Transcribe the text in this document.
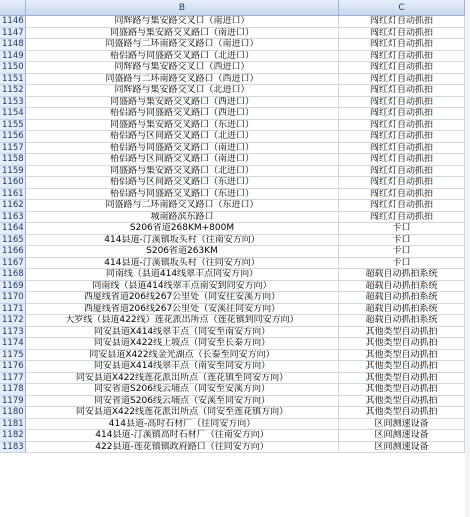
B	C
1146	同辉路与集安路交叉口（南进口）	闯红灯自动抓拍
1147	同盛路与集安路交叉路口（南进口）	闯红灯自动抓拍
1148	同盛路与二环南路交叉路口（南进口）	闯红灯自动抓拍
1149	梧侣路与同盛路交叉路口（北进口）	闯红灯自动抓拍
1150	同辉路与集安路交叉口（西进口）	闯红灯自动抓拍
1151	同盛路与二环南路交叉路口（西进口）	闯红灯自动抓拍
1152	同辉路与集安路交叉口（北进口）	闯红灯自动抓拍
1153	同盛路与集安路交叉路口（西进口）	闯红灯自动抓拍
1154	梧侣路与同盛路交叉路口（西进口）	闯红灯自动抓拍
1155	同盛路与集安路交叉路口（东进口）	闯红灯自动抓拍
1156	梧侣路与区间路交叉路口（北进口）	闯红灯自动抓拍
1157	梧侣路与同盛路交叉路口（南进口）	闯红灯自动抓拍
1158	梧侣路与区间路交叉路口（南进口）	闯红灯自动抓拍
1159	同盛路与集安路交叉路口（北进口）	闯红灯自动抓拍
1160	梧侣路与区间路交叉路口（东进口）	闯红灯自动抓拍
1161	梧侣路与同盛路交叉路口（东进口）	闯红灯自动抓拍
1162	同盛路与二环南路交叉路口（东进口）	闯红灯自动抓拍
1163	城南路滨东路口	闯红灯自动抓拍
1164	S206省道268KM+800M	卡口
1165	414县道-汀溪镇坂头村（往南安方向）	卡口
1166	S206省道263KM	卡口
1167	414县道-汀溪镇坂头村（往同安方向）	卡口
1168	同南线（县道414线翠丰点同安方向）	超载自动抓拍系统
1169	同南线（县道414线翠丰点南安到同安方向）	超载自动抓拍系统
1170	西厦线省道206线267公里处（同安往安溪方向）	超载自动抓拍系统
1171	西厦线省道206线267公里处（安溪往同安方向）	超载自动抓拍系统
1172	大罗线（县道422线）莲花派出所点（莲花镇到同安方向）	超载自动抓拍系统
1173	同安县道X414线翠丰点（同安至南安方向）	其他类型自动抓拍
1174	同安县道X422线上坡点（同安至长泰方向）	其他类型自动抓拍
1175	同安县道X422线金光湖点（长泰至同安方向）	其他类型自动抓拍
1176	同安县道X414线翠丰点（南安至同安方向）	其他类型自动抓拍
1177	同安县道X422线莲花派出所点（莲花镇至同安方向）	其他类型自动抓拍
1178	同安省道S206线云埔点（同安至安溪方向）	其他类型自动抓拍
1179	同安省道S206线云埔点（安溪至同安方向）	其他类型自动抓拍
1180	同安县道X422线莲花派出所点（同安至莲花镇方向）	其他类型自动抓拍
1181	414县道-高时石材厂（往同安方向）	区间测速设备
1182	414县道-汀溪镇高时石材厂（往南安方向）	区间测速设备
1183	422县道-莲花镇镇政府路口（往同安方向）	区间测速设备
